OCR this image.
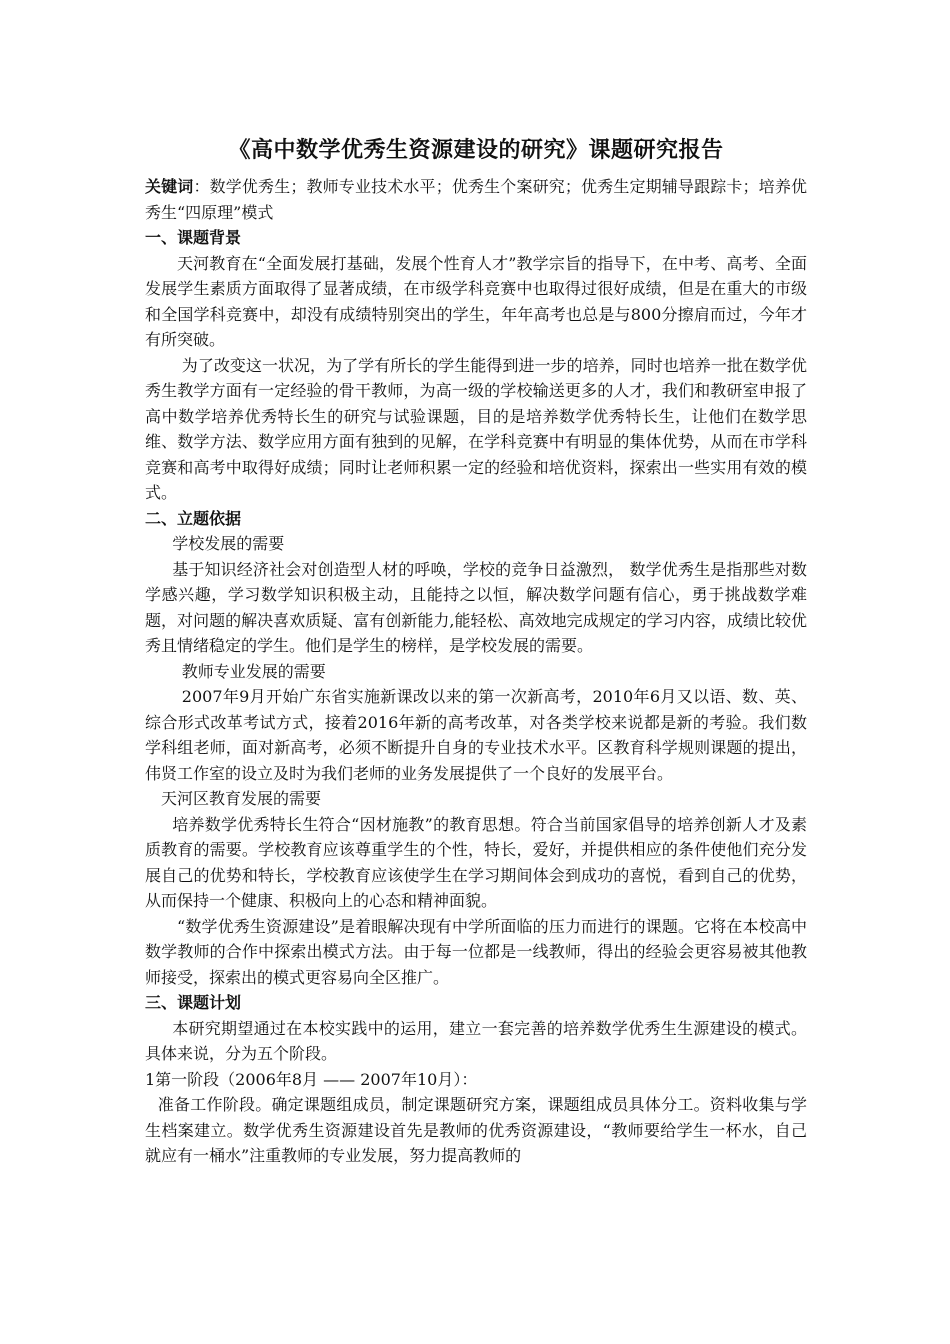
《高中数学优秀生资源建设的研究》课题研究报告

关键词：数学优秀生；教师专业技术水平；优秀生个案研究；优秀生定期辅导跟踪卡；培养优秀生“四原理”模式

一、课题背景

天河教育在“全面发展打基础，发展个性育人才”教学宗旨的指导下，在中考、高考、全面发展学生素质方面取得了显著成绩，在市级学科竞赛中也取得过很好成绩，但是在重大的市级和全国学科竞赛中，却没有成绩特别突出的学生，年年高考也总是与800分擦肩而过，今年才有所突破。

为了改变这一状况，为了学有所长的学生能得到进一步的培养，同时也培养一批在数学优秀生教学方面有一定经验的骨干教师，为高一级的学校输送更多的人才，我们和教研室申报了高中数学培养优秀特长生的研究与试验课题，目的是培养数学优秀特长生，让他们在数学思维、数学方法、数学应用方面有独到的见解，在学科竞赛中有明显的集体优势，从而在市学科竞赛和高考中取得好成绩；同时让老师积累一定的经验和培优资料，探索出一些实用有效的模式。

二、立题依据

学校发展的需要

基于知识经济社会对创造型人材的呼唤，学校的竞争日益激烈， 数学优秀生是指那些对数学感兴趣，学习数学知识积极主动，且能持之以恒，解决数学问题有信心，勇于挑战数学难题，对问题的解决喜欢质疑、富有创新能力,能轻松、高效地完成规定的学习内容，成绩比较优秀且情绪稳定的学生。他们是学生的榜样，是学校发展的需要。

教师专业发展的需要

2007年9月开始广东省实施新课改以来的第一次新高考，2010年6月又以语、数、英、综合形式改革考试方式，接着2016年新的高考改革，对各类学校来说都是新的考验。我们数学科组老师，面对新高考，必须不断提升自身的专业技术水平。区教育科学规则课题的提出，伟贤工作室的设立及时为我们老师的业务发展提供了一个良好的发展平台。

天河区教育发展的需要

培养数学优秀特长生符合“因材施教”的教育思想。符合当前国家倡导的培养创新人才及素质教育的需要。学校教育应该尊重学生的个性，特长，爱好，并提供相应的条件使他们充分发展自己的优势和特长，学校教育应该使学生在学习期间体会到成功的喜悦，看到自己的优势，从而保持一个健康、积极向上的心态和精神面貌。

“数学优秀生资源建设”是着眼解决现有中学所面临的压力而进行的课题。它将在本校高中数学教师的合作中探索出模式方法。由于每一位都是一线教师，得出的经验会更容易被其他教师接受，探索出的模式更容易向全区推广。

三、课题计划

本研究期望通过在本校实践中的运用，建立一套完善的培养数学优秀生生源建设的模式。具体来说，分为五个阶段。

1第一阶段（2006年8月 —— 2007年10月）：

准备工作阶段。确定课题组成员，制定课题研究方案，课题组成员具体分工。资料收集与学生档案建立。数学优秀生资源建设首先是教师的优秀资源建设，“教师要给学生一杯水，自己就应有一桶水”注重教师的专业发展，努力提高教师的
